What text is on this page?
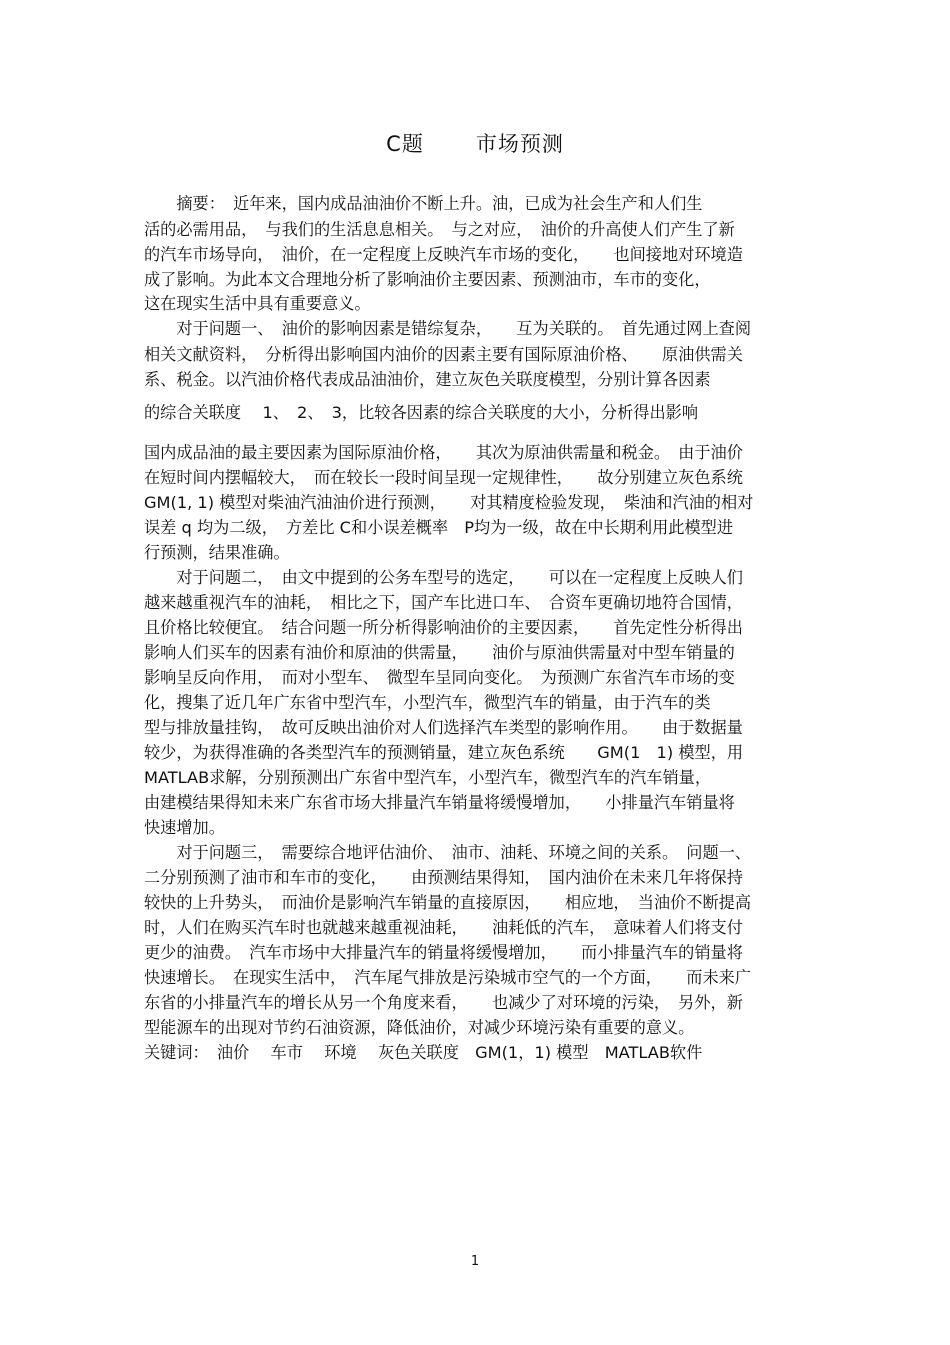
C题 市场预测
　　摘要：　近年来，国内成品油油价不断上升。油，已成为社会生产和人们生
活的必需用品，　与我们的生活息息相关。　与之对应，　油价的升高使人们产生了新
的汽车市场导向，　油价，在一定程度上反映汽车市场的变化，　　也间接地对环境造
成了影响。为此本文合理地分析了影响油价主要因素、预测油市，车市的变化，
这在现实生活中具有重要意义。
　　对于问题一、　油价的影响因素是错综复杂，　　互为关联的。　首先通过网上查阅
相关文献资料，　分析得出影响国内油价的因素主要有国际原油价格、　　原油供需关
系、税金。以汽油价格代表成品油油价，建立灰色关联度模型，分别计算各因素
的综合关联度　 1、　2、　3，比较各因素的综合关联度的大小，分析得出影响
国内成品油的最主要因素为国际原油价格，　　其次为原油供需量和税金。　由于油价
在短时间内摆幅较大，　而在较长一段时间呈现一定规律性，　　故分别建立灰色系统
GM(1, 1) 模型对柴油汽油油价进行预测，　　对其精度检验发现，　柴油和汽油的相对
误差 q 均为二级，　方差比 C和小误差概率　P均为一级，故在中长期利用此模型进
行预测，结果准确。
　　对于问题二，　由文中提到的公务车型号的选定，　　可以在一定程度上反映人们
越来越重视汽车的油耗，　相比之下，国产车比进口车、　合资车更确切地符合国情，
且价格比较便宜。　结合问题一所分析得影响油价的主要因素，　　首先定性分析得出
影响人们买车的因素有油价和原油的供需量，　　油价与原油供需量对中型车销量的
影响呈反向作用，　而对小型车、　微型车呈同向变化。　为预测广东省汽车市场的变
化，搜集了近几年广东省中型汽车，小型汽车，微型汽车的销量，由于汽车的类
型与排放量挂钩，　故可反映出油价对人们选择汽车类型的影响作用。　　由于数据量
较少，为获得准确的各类型汽车的预测销量，建立灰色系统　　GM(1　1) 模型，用
MATLAB求解，分别预测出广东省中型汽车，小型汽车，微型汽车的汽车销量，
由建模结果得知未来广东省市场大排量汽车销量将缓慢增加，　　小排量汽车销量将
快速增加。
　　对于问题三，　需要综合地评估油价、　油市、油耗、环境之间的关系。　问题一、
二分别预测了油市和车市的变化，　　由预测结果得知，　国内油价在未来几年将保持
较快的上升势头，　而油价是影响汽车销量的直接原因，　　相应地，　当油价不断提高
时，人们在购买汽车时也就越来越重视油耗，　　油耗低的汽车，　意味着人们将支付
更少的油费。　汽车市场中大排量汽车的销量将缓慢增加，　　而小排量汽车的销量将
快速增长。　在现实生活中，　汽车尾气排放是污染城市空气的一个方面，　　而未来广
东省的小排量汽车的增长从另一个角度来看，　　也减少了对环境的污染，　另外，新
型能源车的出现对节约石油资源，降低油价，对减少环境污染有重要的意义。
关键词：　油价　 车市　 环境　 灰色关联度　GM(1，1) 模型　MATLAB软件
1
